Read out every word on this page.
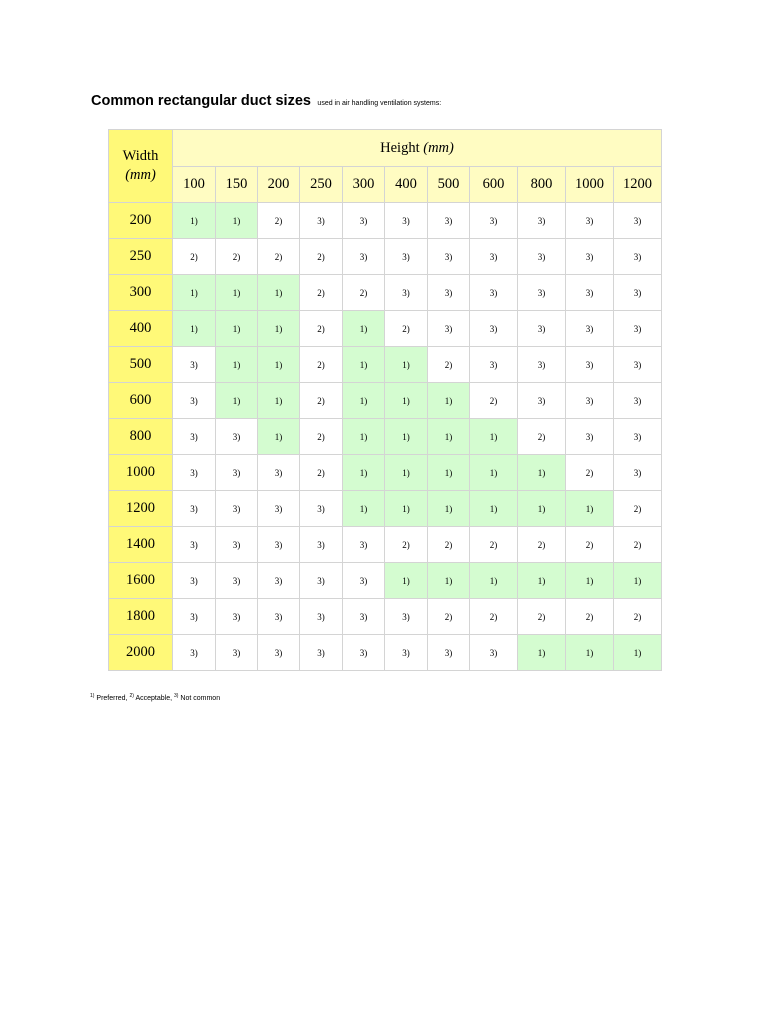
Common rectangular duct sizes used in air handling ventilation systems:
Width
(mm)	Height (mm)										
	100	150	200	250	300	400	500	600	800	1000	1200
200	1)	1)	2)	3)	3)	3)	3)	3)	3)	3)	3)
250	2)	2)	2)	2)	3)	3)	3)	3)	3)	3)	3)
300	1)	1)	1)	2)	2)	3)	3)	3)	3)	3)	3)
400	1)	1)	1)	2)	1)	2)	3)	3)	3)	3)	3)
500	3)	1)	1)	2)	1)	1)	2)	3)	3)	3)	3)
600	3)	1)	1)	2)	1)	1)	1)	2)	3)	3)	3)
800	3)	3)	1)	2)	1)	1)	1)	1)	2)	3)	3)
1000	3)	3)	3)	2)	1)	1)	1)	1)	1)	2)	3)
1200	3)	3)	3)	3)	1)	1)	1)	1)	1)	1)	2)
1400	3)	3)	3)	3)	3)	2)	2)	2)	2)	2)	2)
1600	3)	3)	3)	3)	3)	1)	1)	1)	1)	1)	1)
1800	3)	3)	3)	3)	3)	3)	2)	2)	2)	2)	2)
2000	3)	3)	3)	3)	3)	3)	3)	3)	1)	1)	1)
$^{1)}$ Preferred, $^{2)}$ Acceptable, $^{3)}$ Not common
